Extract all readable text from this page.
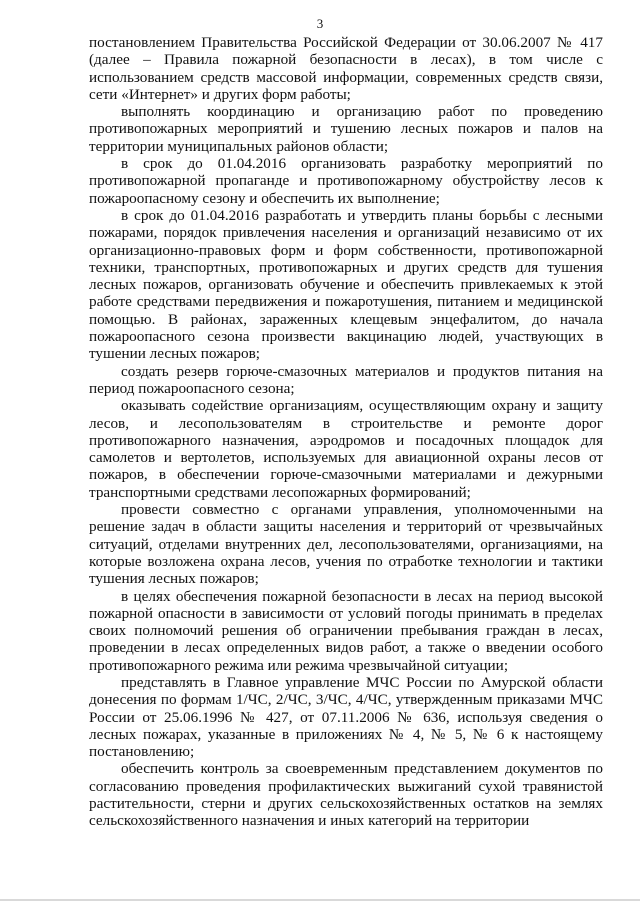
3

постановлением Правительства Российской Федерации от 30.06.2007 № 417 (далее – Правила пожарной безопасности в лесах), в том числе с использованием средств массовой информации, современных средств связи, сети «Интернет» и других форм работы;

выполнять координацию и организацию работ по проведению противопожарных мероприятий и тушению лесных пожаров и палов на территории муниципальных районов области;

в срок до 01.04.2016 организовать разработку мероприятий по противопожарной пропаганде и противопожарному обустройству лесов к пожароопасному сезону и обеспечить их выполнение;

в срок до 01.04.2016 разработать и утвердить планы борьбы с лесными пожарами, порядок привлечения населения и организаций независимо от их организационно-правовых форм и форм собственности, противопожарной техники, транспортных, противопожарных и других средств для тушения лесных пожаров, организовать обучение и обеспечить привлекаемых к этой работе средствами передвижения и пожаротушения, питанием и медицинской помощью. В районах, зараженных клещевым энцефалитом, до начала пожароопасного сезона произвести вакцинацию людей, участвующих в тушении лесных пожаров;

создать резерв горюче-смазочных материалов и продуктов питания на период пожароопасного сезона;

оказывать содействие организациям, осуществляющим охрану и защиту лесов, и лесопользователям в строительстве и ремонте дорог противопожарного назначения, аэродромов и посадочных площадок для самолетов и вертолетов, используемых для авиационной охраны лесов от пожаров, в обеспечении горюче-смазочными материалами и дежурными транспортными средствами лесопожарных формирований;

провести совместно с органами управления, уполномоченными на решение задач в области защиты населения и территорий от чрезвычайных ситуаций, отделами внутренних дел, лесопользователями, организациями, на которые возложена охрана лесов, учения по отработке технологии и тактики тушения лесных пожаров;

в целях обеспечения пожарной безопасности в лесах на период высокой пожарной опасности в зависимости от условий погоды принимать в пределах своих полномочий решения об ограничении пребывания граждан в лесах, проведении в лесах определенных видов работ, а также о введении особого противопожарного режима или режима чрезвычайной ситуации;

представлять в Главное управление МЧС России по Амурской области донесения по формам 1/ЧС, 2/ЧС, 3/ЧС, 4/ЧС, утвержденным приказами МЧС России от 25.06.1996 № 427, от 07.11.2006 № 636, используя сведения о лесных пожарах, указанные в приложениях № 4, № 5, № 6 к настоящему постановлению;

обеспечить контроль за своевременным представлением документов по согласованию проведения профилактических выжиганий сухой травянистой растительности, стерни и других сельскохозяйственных остатков на землях сельскохозяйственного назначения и иных категорий на территории
